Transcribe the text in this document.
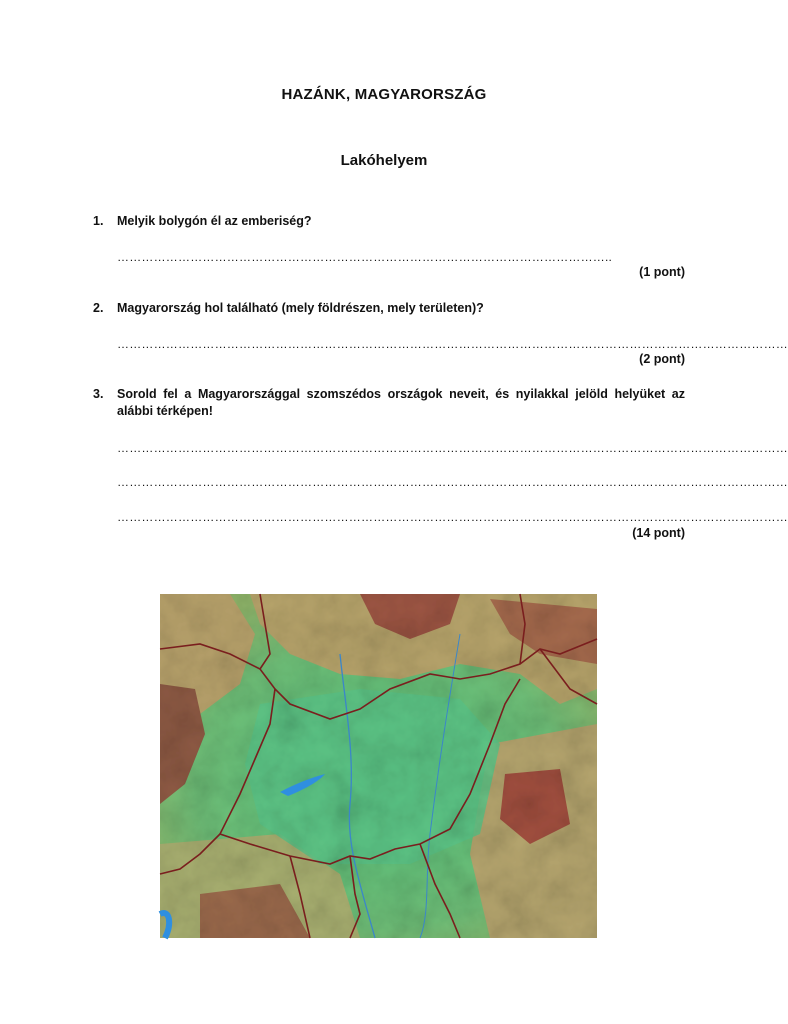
HAZÁNK, MAGYARORSZÁG
Lakóhelyem
1. Melyik bolygón él az emberiség?
…………………………………………………………………………………………………………..
(1 pont)
2. Magyarország hol található (mely földrészen, mely területen)?
…………………………………………………………………………………………………………………………………………………
(2 pont)
3. Sorold fel a Magyarországgal szomszédos országok neveit, és nyilakkal jelöld helyüket az alábbi térképen!
…………………………………………………………………………………………………………………………………………………
…………………………………………………………………………………………………………………………………………………
…………………………………………………………………………………………………………………………………………………
(14 pont)
